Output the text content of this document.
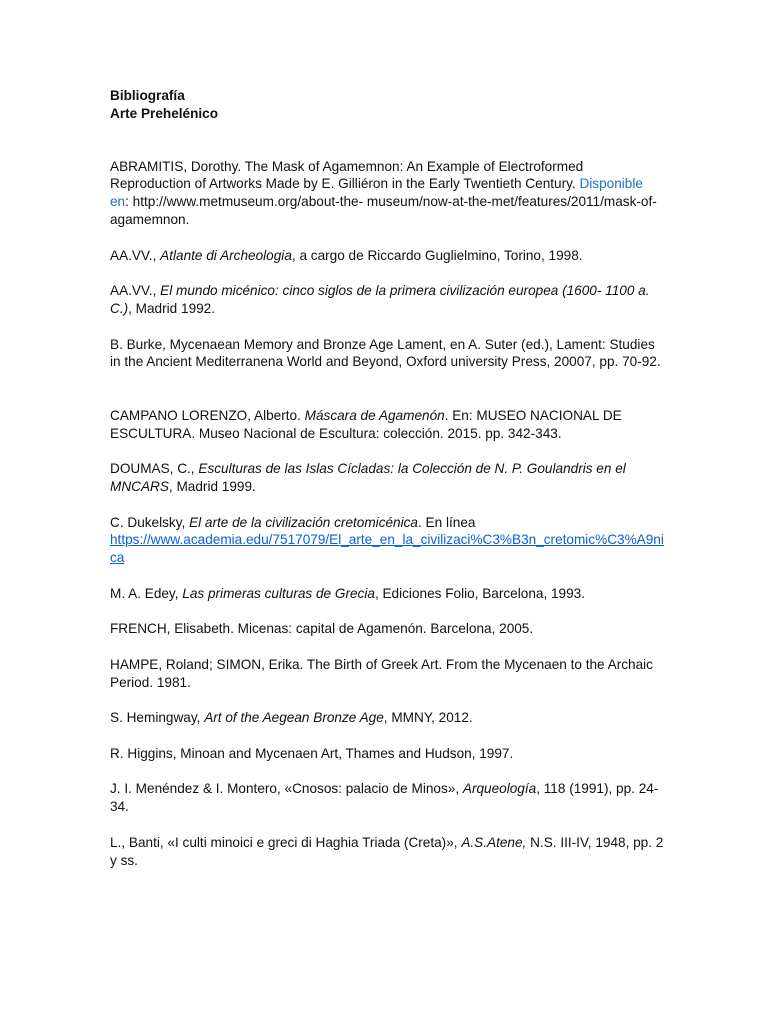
Bibliografía

Arte Prehelénico

ABRAMITIS, Dorothy. The Mask of Agamemnon: An Example of Electroformed Reproduction of Artworks Made by E. Gilliéron in the Early Twentieth Century. Disponible en: http://www.metmuseum.org/about-the- museum/now-at-the-met/features/2011/mask-of-agamemnon.

AA.VV., Atlante di Archeologia, a cargo de Riccardo Guglielmino, Torino, 1998.

AA.VV., El mundo micénico: cinco siglos de la primera civilización europea (1600- 1100 a. C.), Madrid 1992.

B. Burke, Mycenaean Memory and Bronze Age Lament, en A. Suter (ed.), Lament: Studies in the Ancient Mediterranena World and Beyond, Oxford university Press, 20007, pp. 70-92.

CAMPANO LORENZO, Alberto. Máscara de Agamenón. En: MUSEO NACIONAL DE ESCULTURA. Museo Nacional de Escultura: colección. 2015. pp. 342-343.

DOUMAS, C., Esculturas de las Islas Cícladas: la Colección de N. P. Goulandris en el MNCARS, Madrid 1999.

C. Dukelsky, El arte de la civilización cretomicénica. En línea
https://www.academia.edu/7517079/El_arte_en_la_civilizaci%C3%B3n_cretomic%C3%A9nica

M. A. Edey, Las primeras culturas de Grecia, Ediciones Folio, Barcelona, 1993.

FRENCH, Elisabeth. Micenas: capital de Agamenón. Barcelona, 2005.

HAMPE, Roland; SIMON, Erika. The Birth of Greek Art. From the Mycenaen to the Archaic Period. 1981.

S. Hemingway, Art of the Aegean Bronze Age, MMNY, 2012.

R. Higgins, Minoan and Mycenaen Art, Thames and Hudson, 1997.

J. I. Menéndez & I. Montero, «Cnosos: palacio de Minos», Arqueología, 118 (1991), pp. 24-34.

L., Banti, «I culti minoici e greci di Haghia Triada (Creta)», A.S.Atene, N.S. III-IV, 1948, pp. 2 y ss.
